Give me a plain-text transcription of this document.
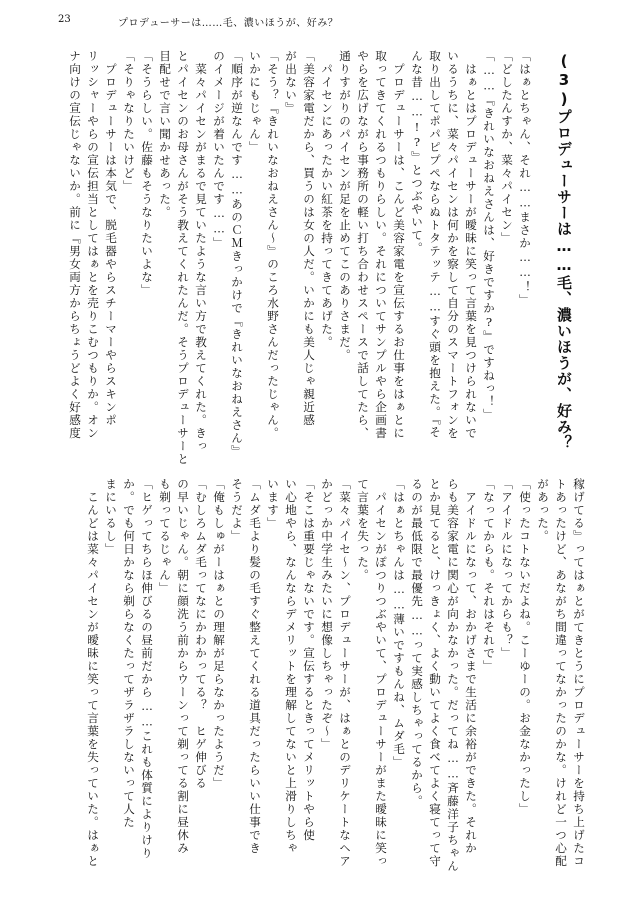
23	プロデューサーは……毛、濃いほうが、好み？
(3)プロデューサーは……毛、濃いほうが、好み？
「はぁとちゃん、それ……まさか……！」
「どしたんすか、菜々パイセン」
「……『きれいなおねえさんは、好きですか?』ですねっ！」
　はぁとはプロデューサーが曖昧に笑って言葉を見つけられないで
いるうちに、菜々パイセンは何かを察して自分のスマートフォンを
取り出してポパピプペならぬトタテッテ……すぐ頭を抱えた。『そ
んな昔……!?』とつぶやいて。
　プロデューサーは、こんど美容家電を宣伝するお仕事をはぁとに
取ってきてくれるつもりらしい。それについてサンプルやら企画書
やらを広げながら事務所の軽い打ち合わせスペースで話してたら、
通りすがりのパイセンが足を止めてこのありさまだ。
　パイセンにあったかい紅茶を持ってきてあげた。
「美容家電だから、買うのは女の人だ。いかにも美人じゃ親近感
が出ない』
「そう？『きれいなおねえさん〜』のころ水野さんだったじゃん。
いかにもじゃん」
「順序が逆なんです……あのＣＭきっかけで『きれいなおねえさん』
のイメージが着いたんです……」
　菜々パイセンがまるで見ていたような言い方で教えてくれた。きっ
とパイセンのお母さんがそう教えてくれたんだ。そうプロデューサーと
目配せで言い聞かせあった。
「そうらしい。佐藤もそうなりたいよな」
「そりゃなりたいけど」
　プロデューサーは本気で、脱毛器やらスチーマーやらスキンポ
リッシャーやらの宣伝担当としてはぁとを売りこむつもりか。オン
ナ向けの宣伝じゃないか。前に『男女両方からちょうどよく好感度
稼げてる』ってはぁとがてきとうにプロデューサーを持ち上げたコ
トあったけど、あながち間違ってなかったのかな。けれど一つ心配
があった。
「使ったコトないだよね。こーゆーの。お金なかったし」
「アイドルになってからも？」
「なってからも。それはそれで」
　アイドルになって、おかげさまで生活に余裕ができた。それか
らも美容家電に関心が向かなかった。だってね……斉藤洋子ちゃん
とか見てると、けっきょく、よく動いてよく食べてよく寝てって守
るのが最低限で最優先……って実感しちゃってるから。
「はぁとちゃんは……薄いですもんね、ムダ毛」
　パイセンがぽつりつぶやいて、プロデューサーがまた曖昧に笑っ
て言葉を失った。
「菜々パイセ〜ン、プロデューサーが、はぁとのデリケートなヘア
かどっか中学生みたいに想像しちゃったぞ〜」
「そこは重要じゃないです。宣伝するときってメリットやら使
い心地やら、なんならデメリットを理解してないと上滑りしちゃ
います」
「ムダ毛より髪の毛すぐ整えてくれる道具だったらいい仕事でき
そうだよ」
「俺もしゅがーはぁとの理解が足らなかったようだ」
「むしろムダ毛ってなにかわかってる？　ヒゲ伸びる
の早いじゃん。朝に顔洗う前からウーンって剃ってる割に昼休み
も剃ってるじゃん」
「ヒゲってちらほ伸びるの昼前だから……これも体質によりけり
か。でも何日かなら剃らなくたってザラザラしないって人た
まにいるし」
　こんどは菜々パイセンが曖昧に笑って言葉を失っていた。はぁと
